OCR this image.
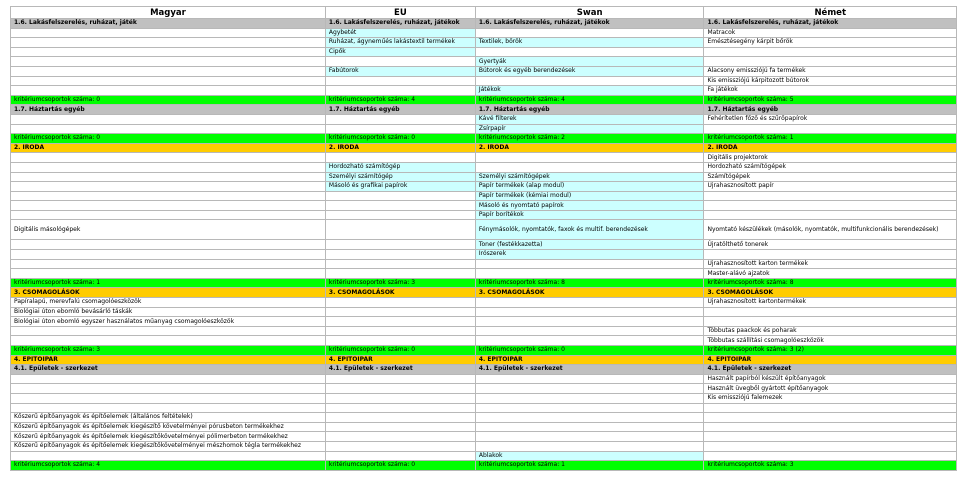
Magyar	EU	Swan	Német
1.6. Lakásfelszerelés, ruházat, játék	1.6. Lakásfelszerelés, ruházat, játékok	1.6. Lakásfelszerelés, ruházat, játékok	1.6. Lakásfelszerelés, ruházat, játékok
	Ágybetét		Matracok
	Ruházat, ágyneműés lakástextil termékek	Textilek, bőrök	Emésztésegény kárpit bőrök
	Cipők		
		Gyertyák	
	Fabútorok	Bútorok és egyéb berendezések	Alacsony emissziójú fa termékek
			Kis emissziójú kárpitozott bútorok
		Játékok	Fa játékok
kritériumcsoportok száma: 0	kritériumcsoportok száma: 4	kritériumcsoportok száma: 4	kritériumcsoportok száma: 5
1.7. Háztartás egyéb	1.7. Háztartás egyéb	1.7. Háztartás egyéb	1.7. Háztartás egyéb
		Kávé filterek	Fehérítetlen főző és szűrőpapírok
		Zsírpapír	
kritériumcsoportok száma: 0	kritériumcsoportok száma: 0	kritériumcsoportok száma: 2	kritériumcsoportok száma: 1
2. IRODA	2. IRODA	2. IRODA	2. IRODA
			Digitális projektorok
	Hordozható számítógép		Hordozható számítógépek
	Személyi számítógép	Személyi számítógépek	Számítógépek
	Másoló és grafikai papírok	Papír termékek (alap modul)	Újrahasznosított papír
		Papír termékek (kémiai modul)	
		Másoló és nyomtató papírok	
		Papír borítékok	
Digitális másológépek		Fénymásolók, nyomtatók, faxok és multif. berendezések	Nyomtató készülékek (másolók, nyomtatók, multifunkcionális berendezések)
		Toner (festékkazetta)	Újratölthető tonerek
		Írószerek	
			Újrahasznosított karton termékek
			Master-alávó ajzatok
kritériumcsoportok száma: 1	kritériumcsoportok száma: 3	kritériumcsoportok száma: 8	kritériumcsoportok száma: 8
3. CSOMAGOLÁSOK	3. CSOMAGOLÁSOK	3. CSOMAGOLÁSOK	3. CSOMAGOLÁSOK
Papíralapú, merevfalú csomagolóeszközök			Újrahasznosított kartontermékek
Biológiai úton ebomló bevásárló táskák			
Biológiai úton ebomló egyszer használatos műanyag csomagolóeszközök			
			Többutas paackok és poharak
			Többutas szállítási csomagolóeszközök
kritériumcsoportok száma: 3	kritériumcsoportok száma: 0	kritériumcsoportok száma: 0	kritériumcsoportok száma: 3 (2)
4. ÉPÍTŐIPAR	4. ÉPÍTŐIPAR	4. ÉPÍTŐIPAR	4. ÉPÍTŐIPAR
4.1. Épületek - szerkezet	4.1. Épületek - szerkezet	4.1. Épületek - szerkezet	4.1. Épületek - szerkezet
			Használt papírból készült építőanyagok
			Használt üvegből gyártott építőanyagok
			Kis emissziójú falemezek

Kőszerű építőanyagok és építőelemek (általános feltételek)			
Kőszerű építőanyagok és építőelemek kiegészítő követelményei pórusbeton termékekhez			
Kőszerű építőanyagok és építőelemek kiegészítőkövetelményei pólimerbeton termékekhez			
Kőszerű építőanyagok és építőelemek kiegészítőkövetelményei mészhomok tégla termékekhez			
		Ablakok	
kritériumcsoportok száma: 4	kritériumcsoportok száma: 0	kritériumcsoportok száma: 1	kritériumcsoportok száma: 3
